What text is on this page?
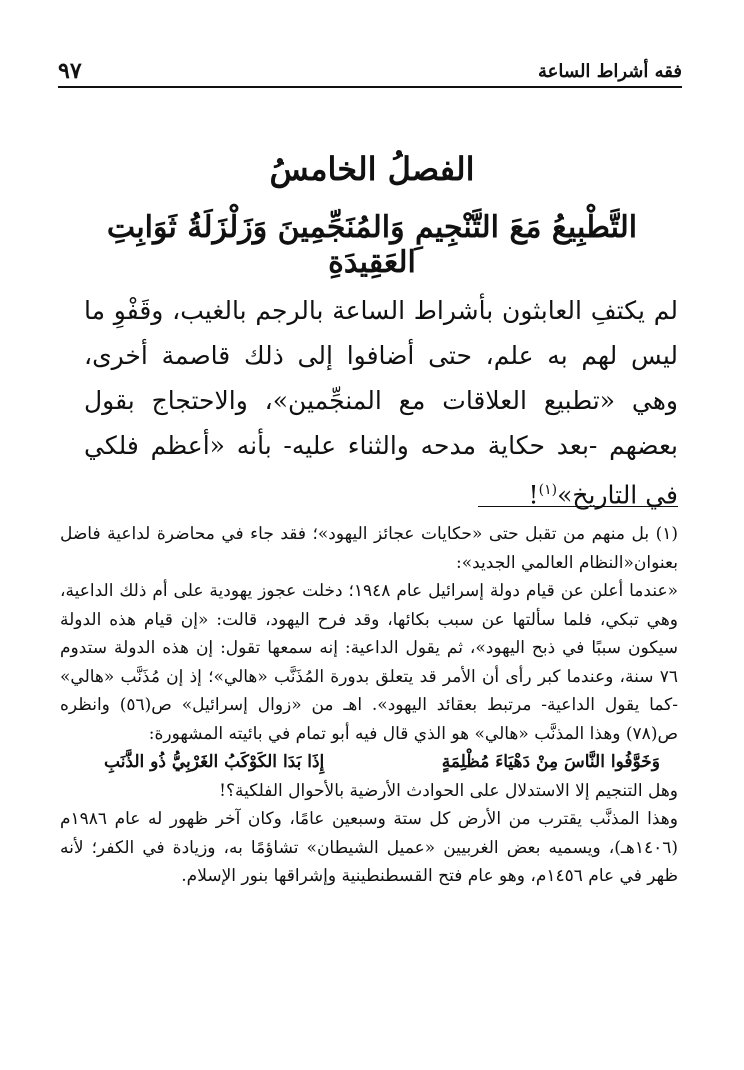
فقه أشراط الساعة
٩٧
الفصلُ الخامسُ
التَّطْبِيعُ مَعَ التَّنْجِيمِ وَالمُنَجِّمِينَ وَزَلْزَلَةُ ثَوَابِتِ العَقِيدَةِ
لم يكتفِ العابثون بأشراط الساعة بالرجم بالغيب، وقَفْوِ ما ليس لهم به علم، حتى أضافوا إلى ذلك قاصمة أخرى، وهي «تطبيع العلاقات مع المنجِّمين»، والاحتجاج بقول بعضهم -بعد حكاية مدحه والثناء عليه- بأنه «أعظم فلكي في التاريخ»$^{(١)}$!

(١) بل منهم من تقبل حتى «حكايات عجائز اليهود»؛ فقد جاء في محاضرة لداعية فاضل بعنوان«النظام العالمي الجديد»:

«عندما أعلن عن قيام دولة إسرائيل عام ١٩٤٨؛ دخلت عجوز يهودية على أم ذلك الداعية، وهي تبكي، فلما سألتها عن سبب بكائها، وقد فرح اليهود، قالت: «إن قيام هذه الدولة سيكون سببًا في ذبح اليهود»، ثم يقول الداعية: إنه سمعها تقول: إن هذه الدولة ستدوم ٧٦ سنة، وعندما كبر رأى أن الأمر قد يتعلق بدورة المُذَنَّب «هالي»؛ إذ إن مُذَنَّب «هالي» -كما يقول الداعية- مرتبط بعقائد اليهود». اهـ من «زوال إسرائيل» ص(٥٦) وانظره ص(٧٨) وهذا المذنَّب «هالي» هو الذي قال فيه أبو تمام في بائيته المشهورة:

وَخَوَّفُوا النَّاسَ مِنْ دَهْيَاءَ مُظْلِمَةٍ
إِذَا بَدَا الكَوْكَبُ الغَرْبِيُّ ذُو الذَّنَبِ

وهل التنجيم إلا الاستدلال على الحوادث الأرضية بالأحوال الفلكية؟!

وهذا المذنَّب يقترب من الأرض كل ستة وسبعين عامًا، وكان آخر ظهور له عام ١٩٨٦م (١٤٠٦هـ)، ويسميه بعض الغربيين «عميل الشيطان» تشاؤمًا به، وزيادة في الكفر؛ لأنه ظهر في عام ١٤٥٦م، وهو عام فتح القسطنطينية وإشراقها بنور الإسلام.
